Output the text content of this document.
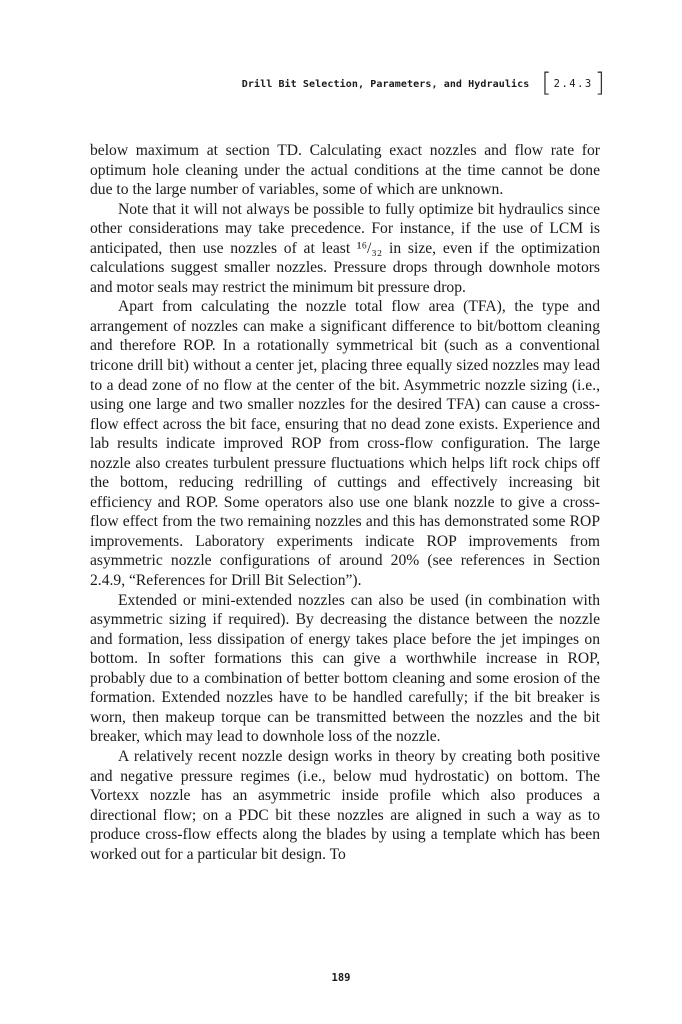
Drill Bit Selection, Parameters, and Hydraulics [ 2.4.3 ]

below maximum at section TD. Calculating exact nozzles and flow rate for optimum hole cleaning under the actual conditions at the time cannot be done due to the large number of variables, some of which are unknown.

Note that it will not always be possible to fully optimize bit hydraulics since other considerations may take precedence. For instance, if the use of LCM is anticipated, then use nozzles of at least ¹⁶/₃₂ in size, even if the optimization calculations suggest smaller nozzles. Pressure drops through downhole motors and motor seals may restrict the minimum bit pressure drop.

Apart from calculating the nozzle total flow area (TFA), the type and arrangement of nozzles can make a significant difference to bit/bottom cleaning and therefore ROP. In a rotationally symmetrical bit (such as a conventional tricone drill bit) without a center jet, placing three equally sized nozzles may lead to a dead zone of no flow at the center of the bit. Asymmetric nozzle sizing (i.e., using one large and two smaller nozzles for the desired TFA) can cause a cross-flow effect across the bit face, ensuring that no dead zone exists. Experience and lab results indicate improved ROP from cross-flow configuration. The large nozzle also creates turbulent pressure fluctuations which helps lift rock chips off the bottom, reducing redrilling of cuttings and effectively increasing bit efficiency and ROP. Some operators also use one blank nozzle to give a cross-flow effect from the two remaining nozzles and this has demonstrated some ROP improvements. Laboratory experiments indicate ROP improvements from asymmetric nozzle configurations of around 20% (see references in Section 2.4.9, “References for Drill Bit Selection”).

Extended or mini-extended nozzles can also be used (in combination with asymmetric sizing if required). By decreasing the distance between the nozzle and formation, less dissipation of energy takes place before the jet impinges on bottom. In softer formations this can give a worthwhile increase in ROP, probably due to a combination of better bottom cleaning and some erosion of the formation. Extended nozzles have to be handled carefully; if the bit breaker is worn, then makeup torque can be transmitted between the nozzles and the bit breaker, which may lead to downhole loss of the nozzle.

A relatively recent nozzle design works in theory by creating both positive and negative pressure regimes (i.e., below mud hydrostatic) on bottom. The Vortexx nozzle has an asymmetric inside profile which also produces a directional flow; on a PDC bit these nozzles are aligned in such a way as to produce cross-flow effects along the blades by using a template which has been worked out for a particular bit design. To

189
